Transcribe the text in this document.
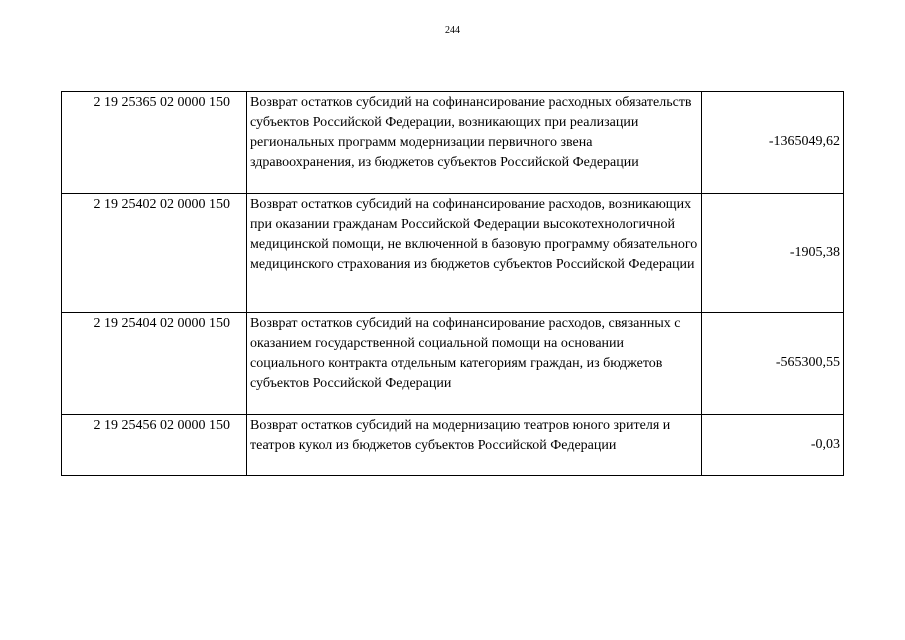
244
2 19 25365 02 0000 150	Возврат остатков субсидий на софинансирование расходных обязательств субъектов Российской Федерации, возникающих при реализации региональных программ модернизации первичного звена здравоохранения, из бюджетов субъектов Российской Федерации	-1365049,62
2 19 25402 02 0000 150	Возврат остатков субсидий на софинансирование расходов, возникающих при оказании гражданам Российской Федерации высокотехнологичной медицинской помощи, не включенной в базовую программу обязательного медицинского страхования из бюджетов субъектов Российской Федерации	-1905,38
2 19 25404 02 0000 150	Возврат остатков субсидий на софинансирование расходов, связанных с оказанием государственной социальной помощи на основании социального контракта отдельным категориям граждан, из бюджетов субъектов Российской Федерации	-565300,55
2 19 25456 02 0000 150	Возврат остатков субсидий на модернизацию театров юного зрителя и театров кукол из бюджетов субъектов Российской Федерации	-0,03
